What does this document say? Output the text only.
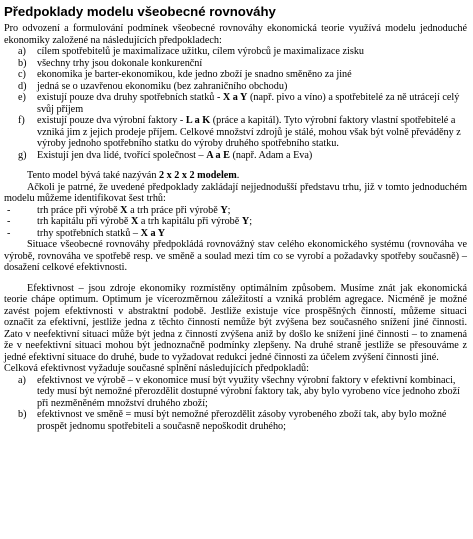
Předpoklady modelu všeobecné rovnováhy

Pro odvození a formulování podmínek všeobecné rovnováhy ekonomická teorie využívá modelu jednoduché ekonomiky založené na následujících předpokladech:

a)	cílem spotřebitelů je maximalizace užitku, cílem výrobců je maximalizace zisku
b)	všechny trhy jsou dokonale konkurenční
c)	ekonomika je barter-ekonomikou, kde jedno zboží je snadno směněno za jiné
d)	jedná se o uzavřenou ekonomiku (bez zahraničního obchodu)
e)	existují pouze dva druhy spotřebních statků - X a Y (např. pivo a víno) a spotřebitelé za ně utrácejí celý svůj příjem
f)	existují pouze dva výrobní faktory - L a K (práce a kapitál). Tyto výrobní faktory vlastní spotřebitelé a vzniká jim z jejich prodeje příjem. Celkové množství zdrojů je stálé, mohou však být volně převáděny z výroby jednoho spotřebního statku do výroby druhého spotřebního statku.
g)	Existují jen dva lidé, tvořící společnost – A a E (např. Adam a Eva)

Tento model bývá také nazýván 2 x 2 x 2 modelem.

Ačkoli je patrné, že uvedené předpoklady zakládají nejjednodušší představu trhu, již v tomto jednoduchém modelu můžeme identifikovat šest trhů:

-	trh práce při výrobě X a trh práce při výrobě Y;
-	trh kapitálu při výrobě X a trh kapitálu při výrobě Y;
-	trhy spotřebních statků – X a Y

Situace všeobecné rovnováhy předpokládá rovnovážný stav celého ekonomického systému (rovnováha ve výrobě, rovnováha ve spotřebě resp. ve směně a soulad mezi tím co se vyrobí a požadavky spotřeby současně) – dosažení celkové efektivnosti.

Efektivnost – jsou zdroje ekonomiky rozmístěny optimálním způsobem. Musíme znát jak ekonomická teorie chápe optimum. Optimum je vícerozměrnou záležitostí a vzniká problém agregace. Nicméně je možné zavést pojem efektivnosti v abstraktní podobě. Jestliže existuje více prospěšných činností, můžeme situaci označit za efektivní, jestliže jedna z těchto činností nemůže být zvýšena bez současného snížení jiné činnosti. Zato v neefektivní situaci může být jedna z činností zvýšena aniž by došlo ke snížení jiné činnosti – to znamená že v neefektivní situaci mohou být jednoznačně podmínky zlepšeny. Na druhé straně jestliže se přesouváme z jedné efektivní situace do druhé, bude to vyžadovat redukci jedné činnosti za účelem zvýšení činnosti jiné.

Celková efektivnost vyžaduje současné splnění následujících předpokladů:

a)	efektivnost ve výrobě – v ekonomice musí být využity všechny výrobní faktory v efektivní kombinaci, tedy musí být nemožné přerozdělit dostupné výrobní faktory tak, aby bylo vyrobeno více jednoho zboží při nezměněném množství druhého zboží;
b)	efektivnost ve směně = musí být nemožné přerozdělit zásoby vyrobeného zboží tak, aby bylo možné prospět jednomu spotřebiteli a současně nepoškodit druhého;
